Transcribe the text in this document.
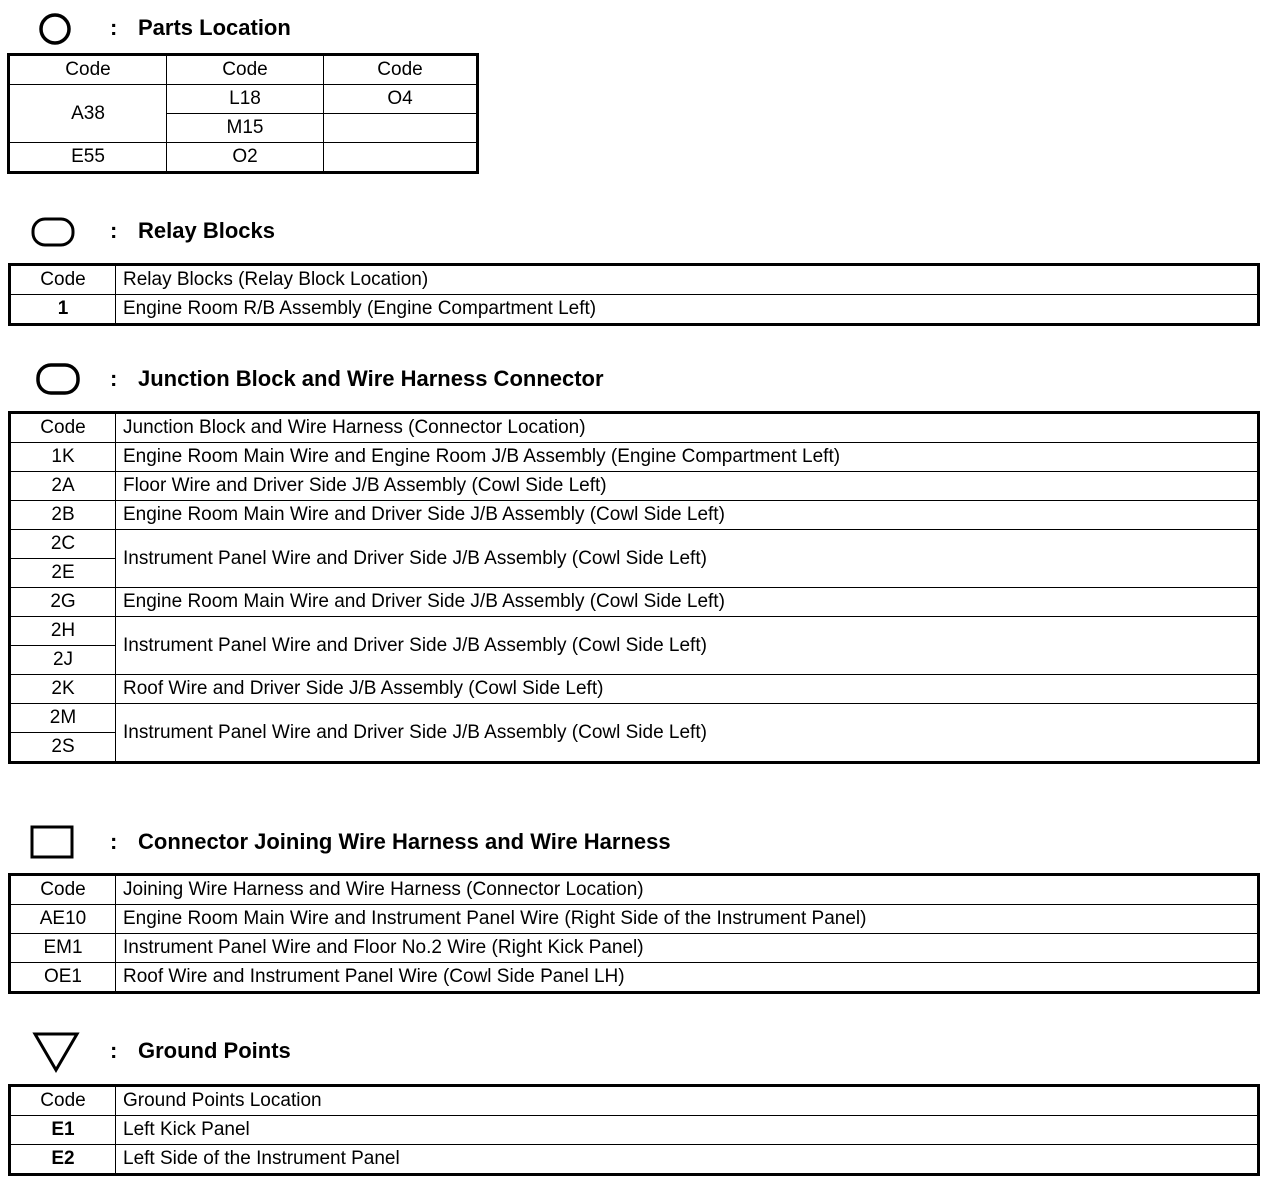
: Parts Location
Code	Code	Code
A38	L18	O4
	M15	
E55	O2	
: Relay Blocks
Code	Relay Blocks (Relay Block Location)
1	Engine Room R/B Assembly (Engine Compartment Left)
: Junction Block and Wire Harness Connector
Code	Junction Block and Wire Harness (Connector Location)
1K	Engine Room Main Wire and Engine Room J/B Assembly (Engine Compartment Left)
2A	Floor Wire and Driver Side J/B Assembly (Cowl Side Left)
2B	Engine Room Main Wire and Driver Side J/B Assembly (Cowl Side Left)
2C	Instrument Panel Wire and Driver Side J/B Assembly (Cowl Side Left)
2E	
2G	Engine Room Main Wire and Driver Side J/B Assembly (Cowl Side Left)
2H	Instrument Panel Wire and Driver Side J/B Assembly (Cowl Side Left)
2J	
2K	Roof Wire and Driver Side J/B Assembly (Cowl Side Left)
2M	Instrument Panel Wire and Driver Side J/B Assembly (Cowl Side Left)
2S	
: Connector Joining Wire Harness and Wire Harness
Code	Joining Wire Harness and Wire Harness (Connector Location)
AE10	Engine Room Main Wire and Instrument Panel Wire (Right Side of the Instrument Panel)
EM1	Instrument Panel Wire and Floor No.2 Wire (Right Kick Panel)
OE1	Roof Wire and Instrument Panel Wire (Cowl Side Panel LH)
: Ground Points
Code	Ground Points Location
E1	Left Kick Panel
E2	Left Side of the Instrument Panel
